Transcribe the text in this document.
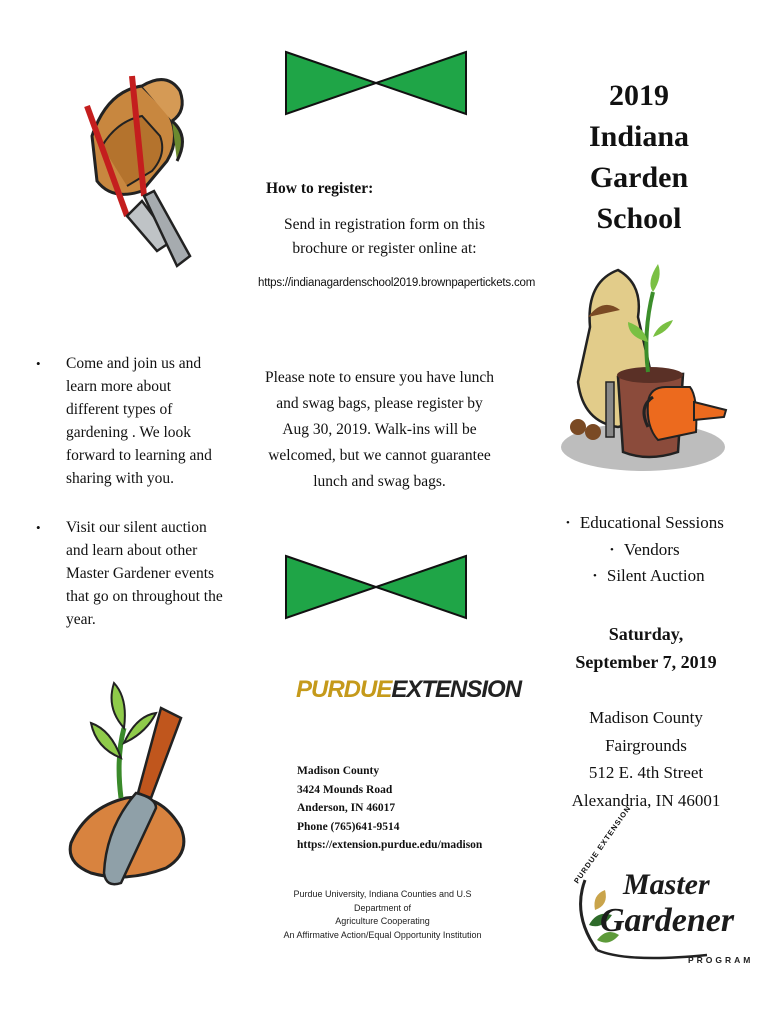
• Come and join us and learn more about different types of gardening . We look forward to learning and sharing with you.
• Visit our silent auction and learn about other Master Gardener events that go on throughout the year.
How to register:
Send in registration form on this brochure or register online at:
https://indianagardenschool2019.brownpapertickets.com
Please note to ensure you have lunch and swag bags, please register by Aug 30, 2019. Walk-ins will be welcomed, but we cannot guarantee lunch and swag bags.
PURDUEEXTENSION
Madison County
3424 Mounds Road
Anderson, IN 46017
Phone (765)641-9514
https://extension.purdue.edu/madison
Purdue University, Indiana Counties and U.S Department of
Agriculture Cooperating
An Affirmative Action/Equal Opportunity Institution
2019
Indiana
Garden School
• Educational Sessions
• Vendors
• Silent Auction
Saturday,
September 7, 2019
Madison County
Fairgrounds
512 E. 4th Street
Alexandria, IN 46001
PURDUE EXTENSION
Master
Gardener
PROGRAM
